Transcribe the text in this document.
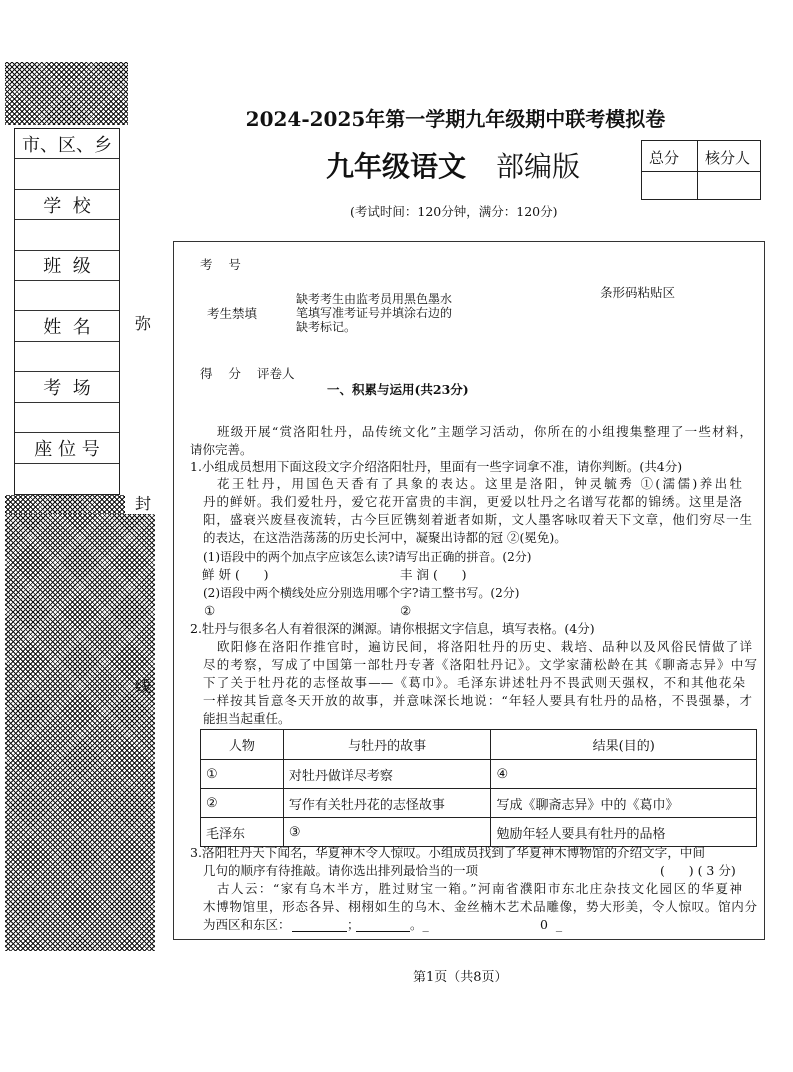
市、区、乡
学  校
班  级
姓  名
考  场
座 位 号
弥
封
线
2024-2025年第一学期九年级期中联考模拟卷
九年级语文 部编版
(考试时间：120分钟，满分：120分)
总分	核分人
考    号
条形码粘贴区
考生禁填
缺考考生由监考员用黑色墨水
笔填写准考证号并填涂右边的
缺考标记。
得    分 评卷人
一、积累与运用(共23分)
班级开展“赏洛阳牡丹，品传统文化”主题学习活动，你所在的小组搜集整理了一些材料，
请你完善。
1.小组成员想用下面这段文字介绍洛阳牡丹，里面有一些字词拿不准，请你判断。(共4分)
花王牡丹，用国色天香有了具象的表达。这里是洛阳，钟灵毓秀 ①(濡儒)养出牡
丹的鲜妍。我们爱牡丹，爱它花开富贵的丰润，更爱以牡丹之名谱写花都的锦绣。这里是洛
阳，盛衰兴废昼夜流转，古今巨匠镌刻着逝者如斯，文人墨客咏叹着天下文章，他们穷尽一生
的表达，在这浩浩荡荡的历史长河中，凝聚出诗都的冠 ②(冕免)。
(1)语段中的两个加点字应该怎么读?请写出正确的拼音。(2分)
鲜 妍 (      )	丰 润 (      )
(2)语段中两个横线处应分别选用哪个字?请工整书写。(2分)
①	②
2.牡丹与很多名人有着很深的渊源。请你根据文字信息，填写表格。(4分)
欧阳修在洛阳作推官时，遍访民间，将洛阳牡丹的历史、栽培、品种以及风俗民情做了详
尽的考察，写成了中国第一部牡丹专著《洛阳牡丹记》。文学家蒲松龄在其《聊斋志异》中写
下了关于牡丹花的志怪故事——《葛巾》。毛泽东讲述牡丹不畏武则天强权，不和其他花朵
一样按其旨意冬天开放的故事，并意味深长地说：“年轻人要具有牡丹的品格，不畏强暴，才
能担当起重任。
人物	与牡丹的故事	结果(目的)
①	对牡丹做详尽考察	④
②	写作有关牡丹花的志怪故事	写成《聊斋志异》中的《葛巾》
毛泽东	③	勉励年轻人要具有牡丹的品格
3.洛阳牡丹天下闻名，华夏神木令人惊叹。小组成员找到了华夏神木博物馆的介绍文字，中间
几句的顺序有待推敲。请你选出排列最恰当的一项	(      ) ( 3 分)
古人云：“家有乌木半方，胜过财宝一箱。”河南省濮阳市东北庄杂技文化园区的华夏神
木博物馆里，形态各异、栩栩如生的乌木、金丝楠木艺术品雕像，势大形美，令人惊叹。馆内分
为西区和东区：	；	。_	0  _
第1页（共8页）
